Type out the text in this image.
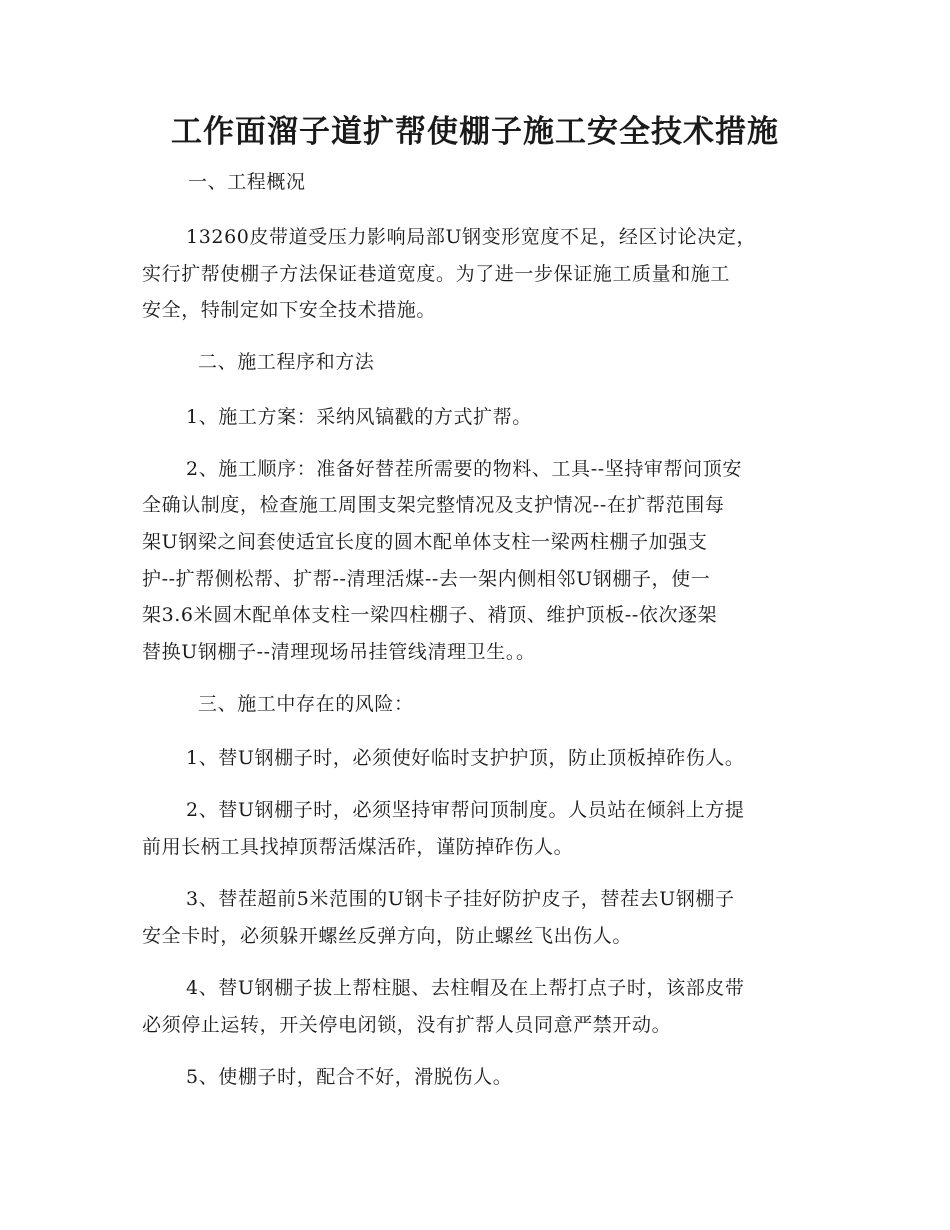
工作面溜子道扩帮使棚子施工安全技术措施
一、工程概况
13260皮带道受压力影响局部U钢变形宽度不足，经区讨论决定，
实行扩帮使棚子方法保证巷道宽度。为了进一步保证施工质量和施工
安全，特制定如下安全技术措施。
二、施工程序和方法
1、施工方案：采纳风镐戳的方式扩帮。
2、施工顺序：准备好替茬所需要的物料、工具--坚持审帮问顶安
全确认制度，检查施工周围支架完整情况及支护情况--在扩帮范围每
架U钢梁之间套使适宜长度的圆木配单体支柱一梁两柱棚子加强支
护--扩帮侧松帮、扩帮--清理活煤--去一架内侧相邻U钢棚子，使一
架3.6米圆木配单体支柱一梁四柱棚子、褙顶、维护顶板--依次逐架
替换U钢棚子--清理现场吊挂管线清理卫生。。
三、施工中存在的风险：
1、替U钢棚子时，必须使好临时支护护顶，防止顶板掉砟伤人。
2、替U钢棚子时，必须坚持审帮问顶制度。人员站在倾斜上方提
前用长柄工具找掉顶帮活煤活砟，谨防掉砟伤人。
3、替茬超前5米范围的U钢卡子挂好防护皮子，替茬去U钢棚子
安全卡时，必须躲开螺丝反弹方向，防止螺丝飞出伤人。
4、替U钢棚子拔上帮柱腿、去柱帽及在上帮打点子时，该部皮带
必须停止运转，开关停电闭锁，没有扩帮人员同意严禁开动。
5、使棚子时，配合不好，滑脱伤人。
